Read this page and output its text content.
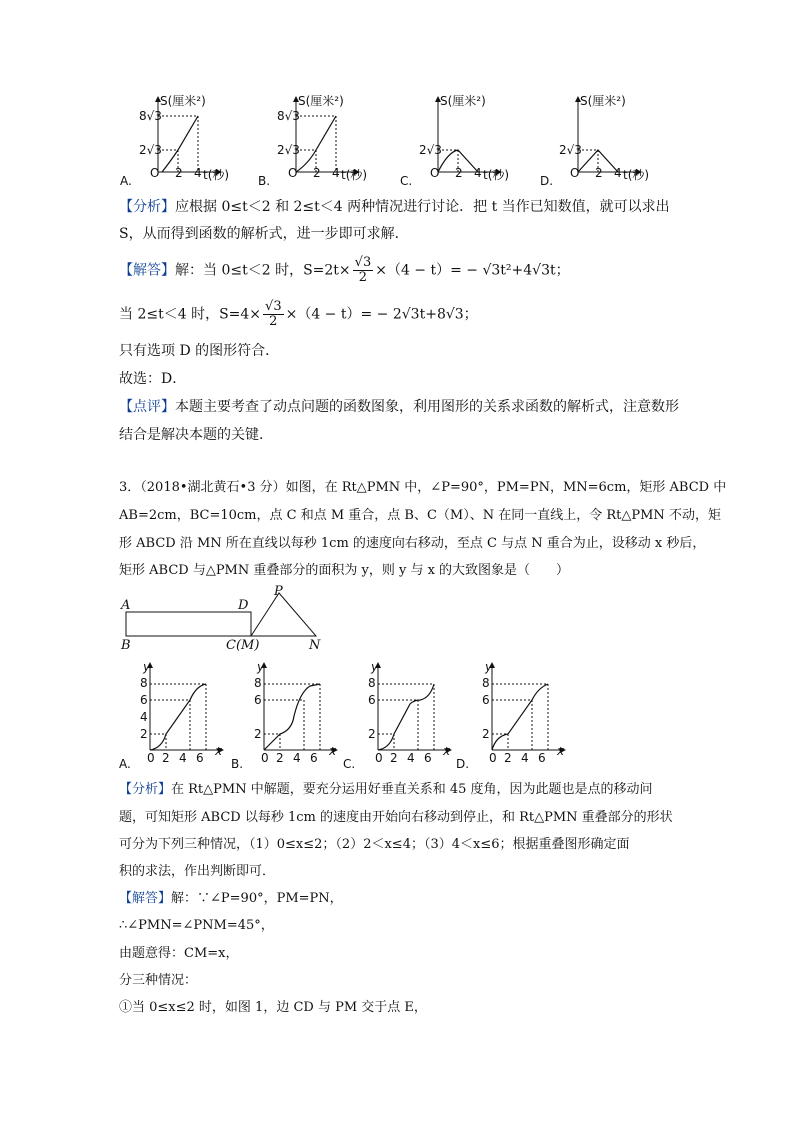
S(厘米²)
8√3
2√3
O 2 4 t(秒)
A.
S(厘米²)
8√3
2√3
O 2 4 t(秒)
B.
S(厘米²)
2√3
O 2 4 t(秒)
C.
S(厘米²)
2√3
O 2 4 t(秒)
D.
【分析】应根据 0≤t＜2 和 2≤t＜4 两种情况进行讨论．把 t 当作已知数值，就可以求出
S，从而得到函数的解析式，进一步即可求解．
【解答】解：当 0≤t＜2 时，$S=2t\times \frac{√3}{2} \times(4 - t)= - √3t^2+4√3t$；
当 2≤t＜4 时，$S=4\times \frac{√3}{2} \times(4 - t)= - 2√3t+8√3$；
只有选项 D 的图形符合．
故选：D．
【点评】本题主要考查了动点问题的函数图象，利用图形的关系求函数的解析式，注意数形
结合是解决本题的关键．
3．（2018•湖北黄石•3 分）如图，在 Rt△PMN 中，∠P=90°，PM=PN，MN=6cm，矩形 ABCD 中
AB=2cm，BC=10cm，点 C 和点 M 重合，点 B、C（M）、N 在同一直线上，令 Rt△PMN 不动，矩
形 ABCD 沿 MN 所在直线以每秒 1cm 的速度向右移动，至点 C 与点 N 重合为止，设移动 x 秒后，
矩形 ABCD 与△PMN 重叠部分的面积为 y，则 y 与 x 的大致图象是（　　）
A	D
P
B	C(M)	N
y
8
6
4
2
0 2 4 6 x
A.
y
8
6
2
0 2 4 6 x
B.
y
8
6
2
0 2 4 6 x
C.
y
8
6
2
0 2 4 6 x
D.
【分析】在 Rt△PMN 中解题，要充分运用好垂直关系和 45 度角，因为此题也是点的移动问
题，可知矩形 ABCD 以每秒 1cm 的速度由开始向右移动到停止，和 Rt△PMN 重叠部分的形状
可分为下列三种情况，（1）0≤x≤2；（2）2＜x≤4；（3）4＜x≤6；根据重叠图形确定面
积的求法，作出判断即可．
【解答】解：∵∠P=90°，PM=PN，
∴∠PMN=∠PNM=45°，
由题意得：CM=x，
分三种情况：
①当 0≤x≤2 时，如图 1，边 CD 与 PM 交于点 E，
